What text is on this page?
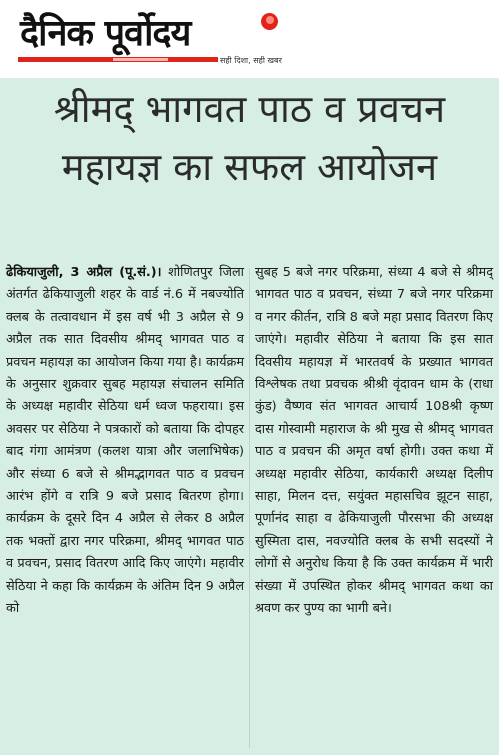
दैनिक पूर्वोदय
सही दिशा, सही खबर
श्रीमद् भागवत पाठ व प्रवचन महायज्ञ का सफल आयोजन

ढेकियाजुली, 3 अप्रैल (पू.सं.)। शोणितपुर जिला अंतर्गत ढेकियाजुली शहर के वार्ड नं.6 में नबज्योति क्लब के तत्वावधान में इस वर्ष भी 3 अप्रैल से 9 अप्रैल तक सात दिवसीय श्रीमद् भागवत पाठ व प्रवचन महायज्ञ का आयोजन किया गया है। कार्यक्रम के अनुसार शुक्रवार सुबह महायज्ञ संचालन समिति के अध्यक्ष महावीर सेठिया धर्म ध्वज फहराया। इस अवसर पर सेठिया ने पत्रकारों को बताया कि दोपहर बाद गंगा आमंत्रण (कलश यात्रा और जलाभिषेक) और संध्या 6 बजे से श्रीमद्भागवत पाठ व प्रवचन आरंभ होंगे व रात्रि 9 बजे प्रसाद बितरण होगा। कार्यक्रम के दूसरे दिन 4 अप्रैल से लेकर 8 अप्रैल तक भक्तों द्वारा नगर परिक्रमा, श्रीमद् भागवत पाठ व प्रवचन, प्रसाद वितरण आदि किए जाएंगे। महावीर सेठिया ने कहा कि कार्यक्रम के अंतिम दिन 9 अप्रैल को

सुबह 5 बजे नगर परिक्रमा, संध्या 4 बजे से श्रीमद् भागवत पाठ व प्रवचन, संध्या 7 बजे नगर परिक्रमा व नगर कीर्तन, रात्रि 8 बजे महा प्रसाद वितरण किए जाएंगे। महावीर सेठिया ने बताया कि इस सात दिवसीय महायज्ञ में भारतवर्ष के प्रख्यात भागवत विश्लेषक तथा प्रवचक श्रीश्री वृंदावन धाम के (राधा कुंड) वैष्णव संत भागवत आचार्य 108श्री कृष्ण दास गोस्वामी महाराज के श्री मुख से श्रीमद् भागवत पाठ व प्रवचन की अमृत वर्षा होगी। उक्त कथा में अध्यक्ष महावीर सेठिया, कार्यकारी अध्यक्ष दिलीप साहा, मिलन दत्त, सयुंक्त महासचिव झूटन साहा, पूर्णानंद साहा व ढेकियाजुली पौरसभा की अध्यक्ष सुस्मिता दास, नवज्योति क्लब के सभी सदस्यों ने लोगों से अनुरोध किया है कि उक्त कार्यक्रम में भारी संख्या में उपस्थित होकर श्रीमद् भागवत कथा का श्रवण कर पुण्य का भागी बने।
